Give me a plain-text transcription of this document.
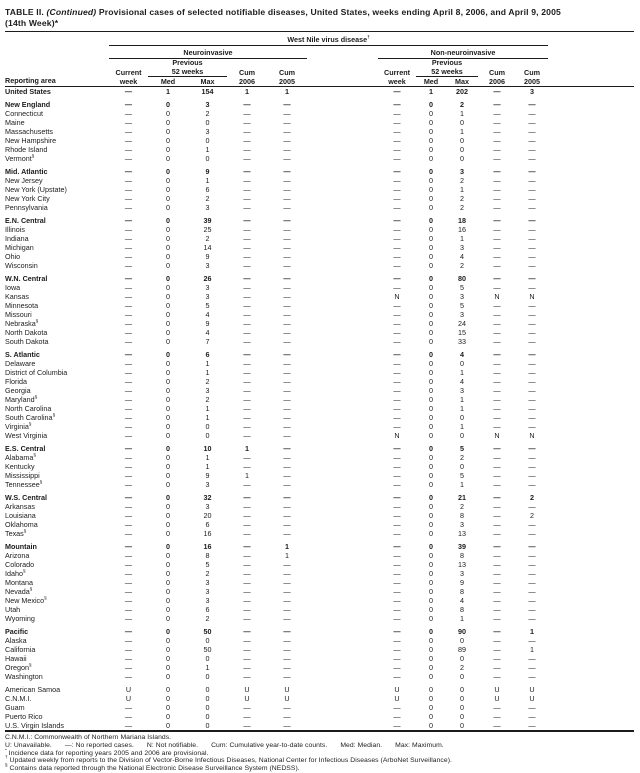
TABLE II. (Continued) Provisional cases of selected notifiable diseases, United States, weeks ending April 8, 2006, and April 9, 2005
(14th Week)*
Reporting area	West Nile virus disease†	
	Neuroinvasive						Non-neuroinvasive					

Current
week

Previous
52 weeks	Cum
2006

Cum
2005

Current
week

Previous
52 weeks	Cum
2006

Cum
2005

		Med	Max					Med	Max			
United States	—	1	154	1	1		—	1	202	—	3	

New England	—	0	3	—	—		—	0	2	—	—	
Connecticut	—	0	2	—	—		—	0	1	—	—	
Maine	—	0	0	—	—		—	0	0	—	—	
Massachusetts	—	0	3	—	—		—	0	1	—	—	
New Hampshire	—	0	0	—	—		—	0	0	—	—	
Rhode Island	—	0	1	—	—		—	0	0	—	—	
Vermont§	—	0	0	—	—		—	0	0	—	—	

Mid. Atlantic	—	0	9	—	—		—	0	3	—	—	
New Jersey	—	0	1	—	—		—	0	2	—	—	
New York (Upstate)	—	0	6	—	—		—	0	1	—	—	
New York City	—	0	2	—	—		—	0	2	—	—	
Pennsylvania	—	0	3	—	—		—	0	2	—	—	

E.N. Central	—	0	39	—	—		—	0	18	—	—	
Illinois	—	0	25	—	—		—	0	16	—	—	
Indiana	—	0	2	—	—		—	0	1	—	—	
Michigan	—	0	14	—	—		—	0	3	—	—	
Ohio	—	0	9	—	—		—	0	4	—	—	
Wisconsin	—	0	3	—	—		—	0	2	—	—	

W.N. Central	—	0	26	—	—		—	0	80	—	—	
Iowa	—	0	3	—	—		—	0	5	—	—	
Kansas	—	0	3	—	—		N	0	3	N	N	
Minnesota	—	0	5	—	—		—	0	5	—	—	
Missouri	—	0	4	—	—		—	0	3	—	—	
Nebraska§	—	0	9	—	—		—	0	24	—	—	
North Dakota	—	0	4	—	—		—	0	15	—	—	
South Dakota	—	0	7	—	—		—	0	33	—	—	

S. Atlantic	—	0	6	—	—		—	0	4	—	—	
Delaware	—	0	1	—	—		—	0	0	—	—	
District of Columbia	—	0	1	—	—		—	0	1	—	—	
Florida	—	0	2	—	—		—	0	4	—	—	
Georgia	—	0	3	—	—		—	0	3	—	—	
Maryland§	—	0	2	—	—		—	0	1	—	—	
North Carolina	—	0	1	—	—		—	0	1	—	—	
South Carolina§	—	0	1	—	—		—	0	0	—	—	
Virginia§	—	0	0	—	—		—	0	1	—	—	
West Virginia	—	0	0	—	—		N	0	0	N	N	

E.S. Central	—	0	10	1	—		—	0	5	—	—	
Alabama§	—	0	1	—	—		—	0	2	—	—	
Kentucky	—	0	1	—	—		—	0	0	—	—	
Mississippi	—	0	9	1	—		—	0	5	—	—	
Tennessee§	—	0	3	—	—		—	0	1	—	—	

W.S. Central	—	0	32	—	—		—	0	21	—	2	
Arkansas	—	0	3	—	—		—	0	2	—	—	
Louisiana	—	0	20	—	—		—	0	8	—	2	
Oklahoma	—	0	6	—	—		—	0	3	—	—	
Texas§	—	0	16	—	—		—	0	13	—	—	

Mountain	—	0	16	—	1		—	0	39	—	—	
Arizona	—	0	8	—	1		—	0	8	—	—	
Colorado	—	0	5	—	—		—	0	13	—	—	
Idaho§	—	0	2	—	—		—	0	3	—	—	
Montana	—	0	3	—	—		—	0	9	—	—	
Nevada§	—	0	3	—	—		—	0	8	—	—	
New Mexico§	—	0	3	—	—		—	0	4	—	—	
Utah	—	0	6	—	—		—	0	8	—	—	
Wyoming	—	0	2	—	—		—	0	1	—	—	

Pacific	—	0	50	—	—		—	0	90	—	1	
Alaska	—	0	0	—	—		—	0	0	—	—	
California	—	0	50	—	—		—	0	89	—	1	
Hawaii	—	0	0	—	—		—	0	0	—	—	
Oregon§	—	0	1	—	—		—	0	2	—	—	
Washington	—	0	0	—	—		—	0	0	—	—	

American Samoa	U	0	0	U	U		U	0	0	U	U	
C.N.M.I.	U	0	0	U	U		U	0	0	U	U	
Guam	—	0	0	—	—		—	0	0	—	—	
Puerto Rico	—	0	0	—	—		—	0	0	—	—	
U.S. Virgin Islands	—	0	0	—	—		—	0	0	—	—	
C.N.M.I.: Commonwealth of Northern Mariana Islands.
U: Unavailable. —: No reported cases. N: Not notifiable. Cum: Cumulative year-to-date counts. Med: Median. Max: Maximum.
* Incidence data for reporting years 2005 and 2006 are provisional.
† Updated weekly from reports to the Division of Vector-Borne Infectious Diseases, National Center for Infectious Diseases (ArboNet Surveillance).
§ Contains data reported through the National Electronic Disease Surveillance System (NEDSS).
